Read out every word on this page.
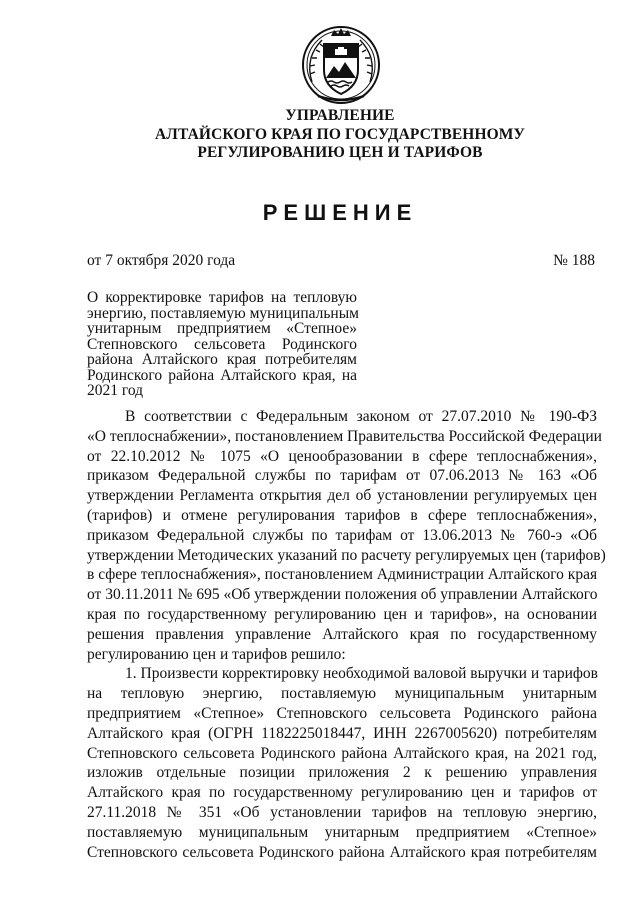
УПРАВЛЕНИЕ
АЛТАЙСКОГО КРАЯ ПО ГОСУДАРСТВЕННОМУ
РЕГУЛИРОВАНИЮ ЦЕН И ТАРИФОВ
РЕШЕНИЕ
от 7 октября 2020 года	№ 188
О корректировке тарифов на тепловую
энергию, поставляемую муниципальным
унитарным предприятием «Степное»
Степновского сельсовета Родинского
района Алтайского края потребителям
Родинского района Алтайского края, на
2021 год
В соответствии с Федеральным законом от 27.07.2010 № 190-ФЗ
«О теплоснабжении», постановлением Правительства Российской Федерации
от 22.10.2012 № 1075 «О ценообразовании в сфере теплоснабжения»,
приказом Федеральной службы по тарифам от 07.06.2013 № 163 «Об
утверждении Регламента открытия дел об установлении регулируемых цен
(тарифов) и отмене регулирования тарифов в сфере теплоснабжения»,
приказом Федеральной службы по тарифам от 13.06.2013 № 760-э «Об
утверждении Методических указаний по расчету регулируемых цен (тарифов)
в сфере теплоснабжения», постановлением Администрации Алтайского края
от 30.11.2011 № 695 «Об утверждении положения об управлении Алтайского
края по государственному регулированию цен и тарифов», на основании
решения правления управление Алтайского края по государственному
регулированию цен и тарифов решило:
1. Произвести корректировку необходимой валовой выручки и тарифов
на тепловую энергию, поставляемую муниципальным унитарным
предприятием «Степное» Степновского сельсовета Родинского района
Алтайского края (ОГРН 1182225018447, ИНН 2267005620) потребителям
Степновского сельсовета Родинского района Алтайского края, на 2021 год,
изложив отдельные позиции приложения 2 к решению управления
Алтайского края по государственному регулированию цен и тарифов от
27.11.2018 № 351 «Об установлении тарифов на тепловую энергию,
поставляемую муниципальным унитарным предприятием «Степное»
Степновского сельсовета Родинского района Алтайского края потребителям
